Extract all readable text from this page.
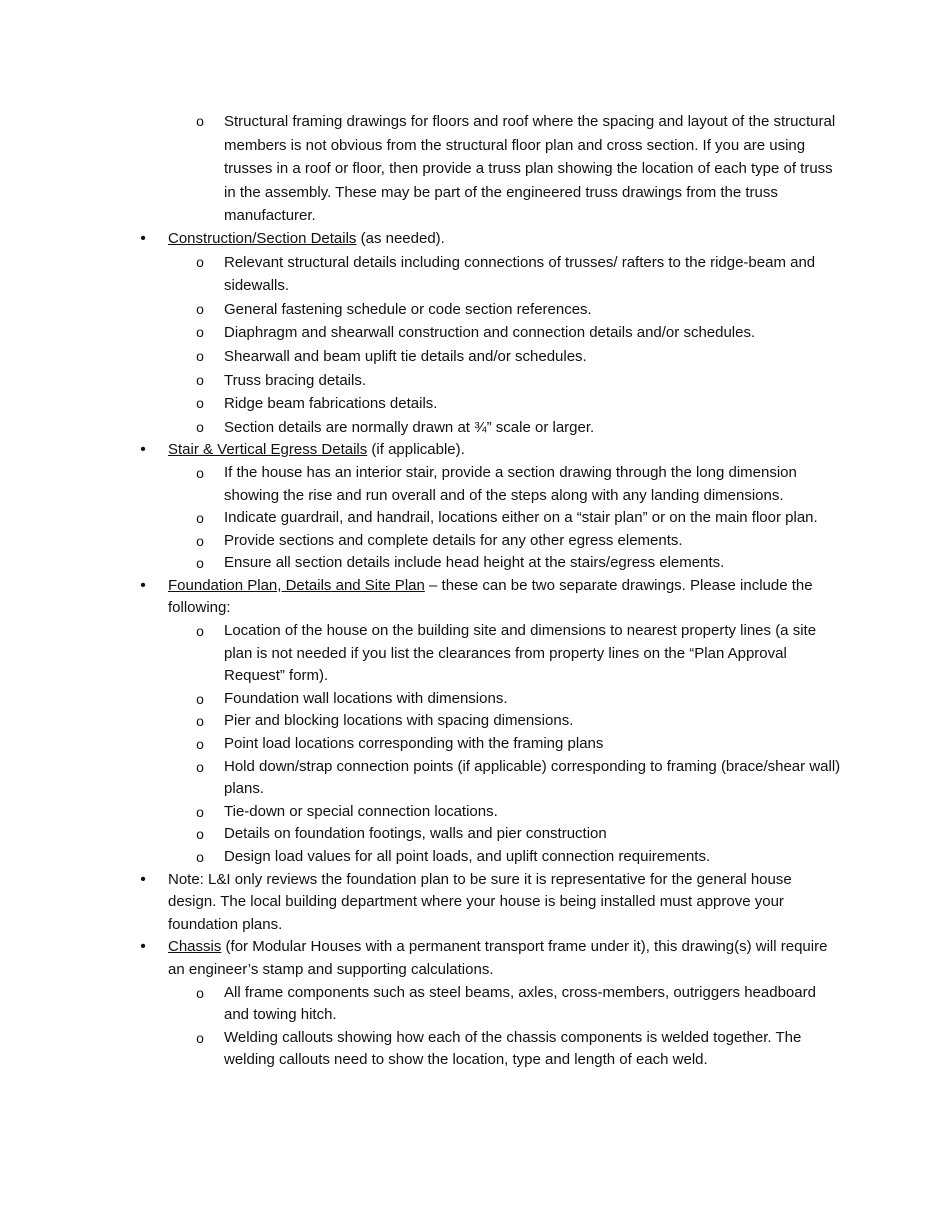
o Structural framing drawings for floors and roof where the spacing and layout of the structural members is not obvious from the structural floor plan and cross section. If you are using trusses in a roof or floor, then provide a truss plan showing the location of each type of truss in the assembly. These may be part of the engineered truss drawings from the truss manufacturer.
• Construction/Section Details (as needed).
o Relevant structural details including connections of trusses/ rafters to the ridge-beam and sidewalls.
o General fastening schedule or code section references.
o Diaphragm and shearwall construction and connection details and/or schedules.
o Shearwall and beam uplift tie details and/or schedules.
o Truss bracing details.
o Ridge beam fabrications details.
o Section details are normally drawn at ¾” scale or larger.
• Stair & Vertical Egress Details (if applicable).
o If the house has an interior stair, provide a section drawing through the long dimension showing the rise and run overall and of the steps along with any landing dimensions.
o Indicate guardrail, and handrail, locations either on a “stair plan” or on the main floor plan.
o Provide sections and complete details for any other egress elements.
o Ensure all section details include head height at the stairs/egress elements.
• Foundation Plan, Details and Site Plan – these can be two separate drawings. Please include the following:
o Location of the house on the building site and dimensions to nearest property lines (a site plan is not needed if you list the clearances from property lines on the “Plan Approval Request” form).
o Foundation wall locations with dimensions.
o Pier and blocking locations with spacing dimensions.
o Point load locations corresponding with the framing plans
o Hold down/strap connection points (if applicable) corresponding to framing (brace/shear wall) plans.
o Tie-down or special connection locations.
o Details on foundation footings, walls and pier construction
o Design load values for all point loads, and uplift connection requirements.
• Note: L&I only reviews the foundation plan to be sure it is representative for the general house design. The local building department where your house is being installed must approve your foundation plans.
• Chassis (for Modular Houses with a permanent transport frame under it), this drawing(s) will require an engineer’s stamp and supporting calculations.
o All frame components such as steel beams, axles, cross-members, outriggers headboard and towing hitch.
o Welding callouts showing how each of the chassis components is welded together. The welding callouts need to show the location, type and length of each weld.
